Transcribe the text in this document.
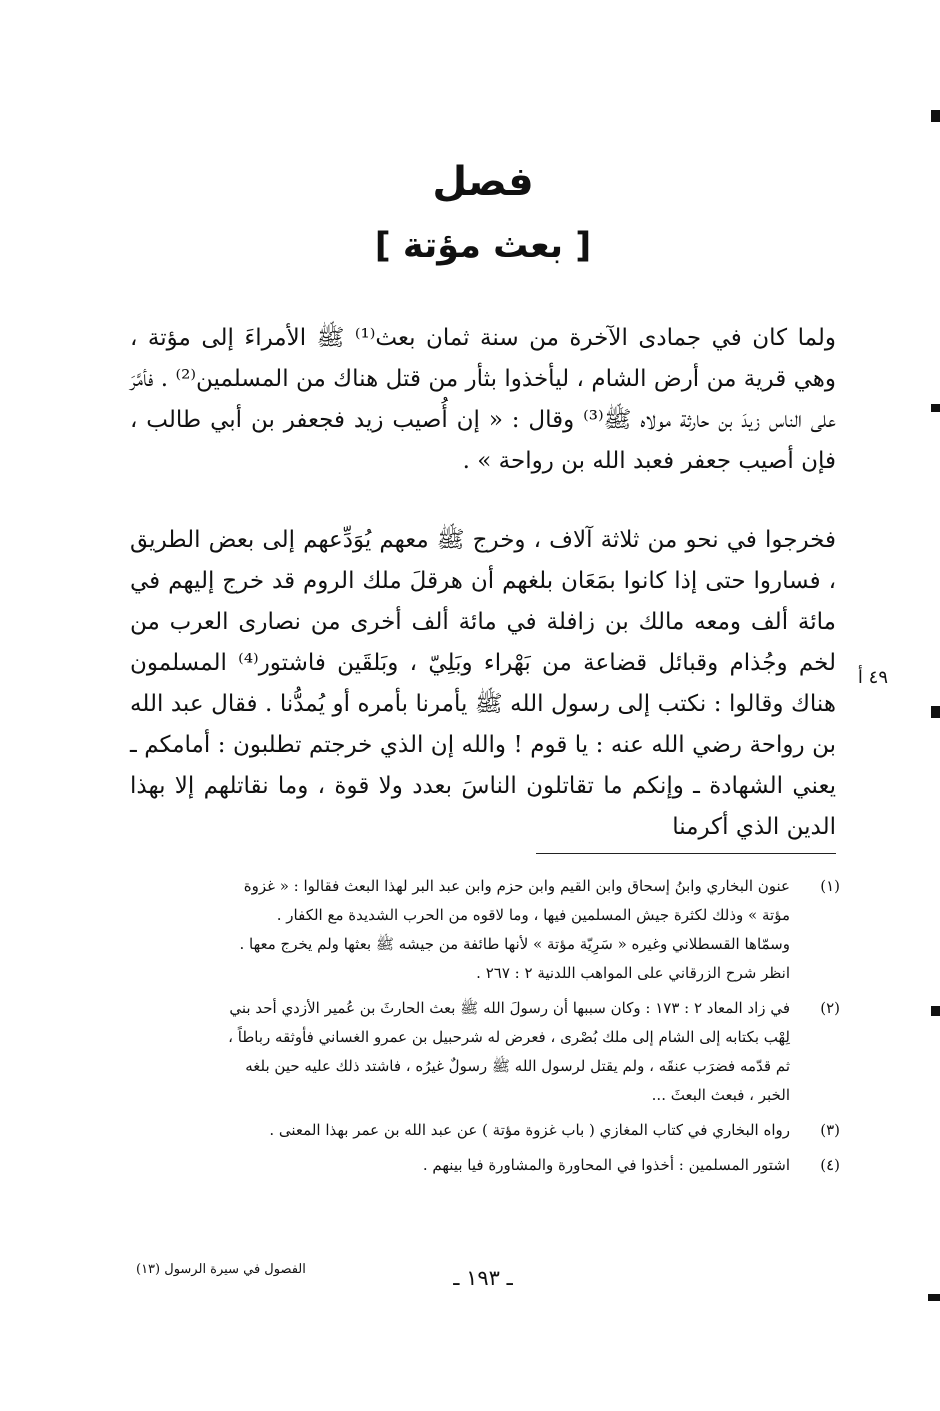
فصل
[ بعث مؤتة ]

ولما كان في جمادى الآخرة من سنة ثمان بعث⁽¹⁾ ﷺ الأمراءَ إلى مؤتة ، وهي قرية من أرض الشام ، ليأخذوا بثأر من قتل هناك من المسلمين⁽²⁾ . فأمَّرَ على الناس زيدَ بن حارثة مولاه ﷺ⁽³⁾ وقال : « إن أُصيب زيد فجعفر بن أبي طالب ، فإن أصيب جعفر فعبد الله بن رواحة » .

فخرجوا في نحو من ثلاثة آلاف ، وخرج ﷺ معهم يُوَدِّعهم إلى بعض الطريق ، فساروا حتى إذا كانوا بمَعَان بلغهم أن هرقلَ ملك الروم قد خرج إليهم في مائة ألف ومعه مالك بن زافلة في مائة ألف أخرى من نصارى العرب من لخم وجُذام وقبائل قضاعة من بَهْراء وبَلِيّ ، وبَلقَين فاشتور⁽⁴⁾ المسلمون هناك وقالوا : نكتب إلى رسول الله ﷺ يأمرنا بأمره أو يُمدُّنا . فقال عبد الله بن رواحة رضي الله عنه : يا قوم ! والله إن الذي خرجتم تطلبون : أمامكم ـ يعني الشهادة ـ وإنكم ما تقاتلون الناسَ بعدد ولا قوة ، وما نقاتلهم إلا بهذا الدين الذي أكرمنا

٤٩ أ
(١)
عنون البخاري وابنُ إسحاق وابن القيم وابن حزم وابن عبد البر لهذا البعث فقالوا : « غزوة
مؤتة » وذلك لكثرة جيش المسلمين فيها ، وما لاقوه من الحرب الشديدة مع الكفار .
وسمّاها القسطلاني وغيره « سَرِيّة مؤتة » لأنها طائفة من جيشه ﷺ بعثها ولم يخرج معها .
انظر شرح الزرقاني على المواهب اللدنية ٢ : ٢٦٧ .
(٢)
في زاد المعاد ٢ : ١٧٣ : وكان سببها أن رسولَ الله ﷺ بعث الحارثَ بن عُمير الأزدي أحد بني
لِهْب بكتابه إلى الشام إلى ملك بُصْرى ، فعرض له شرحبيل بن عمرو الغساني فأوثقه رباطاً ،
ثم قدّمه فضرَب عنقَه ، ولم يقتل لرسول الله ﷺ رسولٌ غيرُه ، فاشتد ذلك عليه حين بلغه
الخبر ، فبعث البعثَ ...
(٣)
رواه البخاري في كتاب المغازي ( باب غزوة مؤتة ) عن عبد الله بن عمر بهذا المعنى .
(٤)
اشتور المسلمين : أخذوا في المحاورة والمشاورة فيا بينهم .
ـ ١٩٣ ـ
الفصول في سيرة الرسول (١٣)
